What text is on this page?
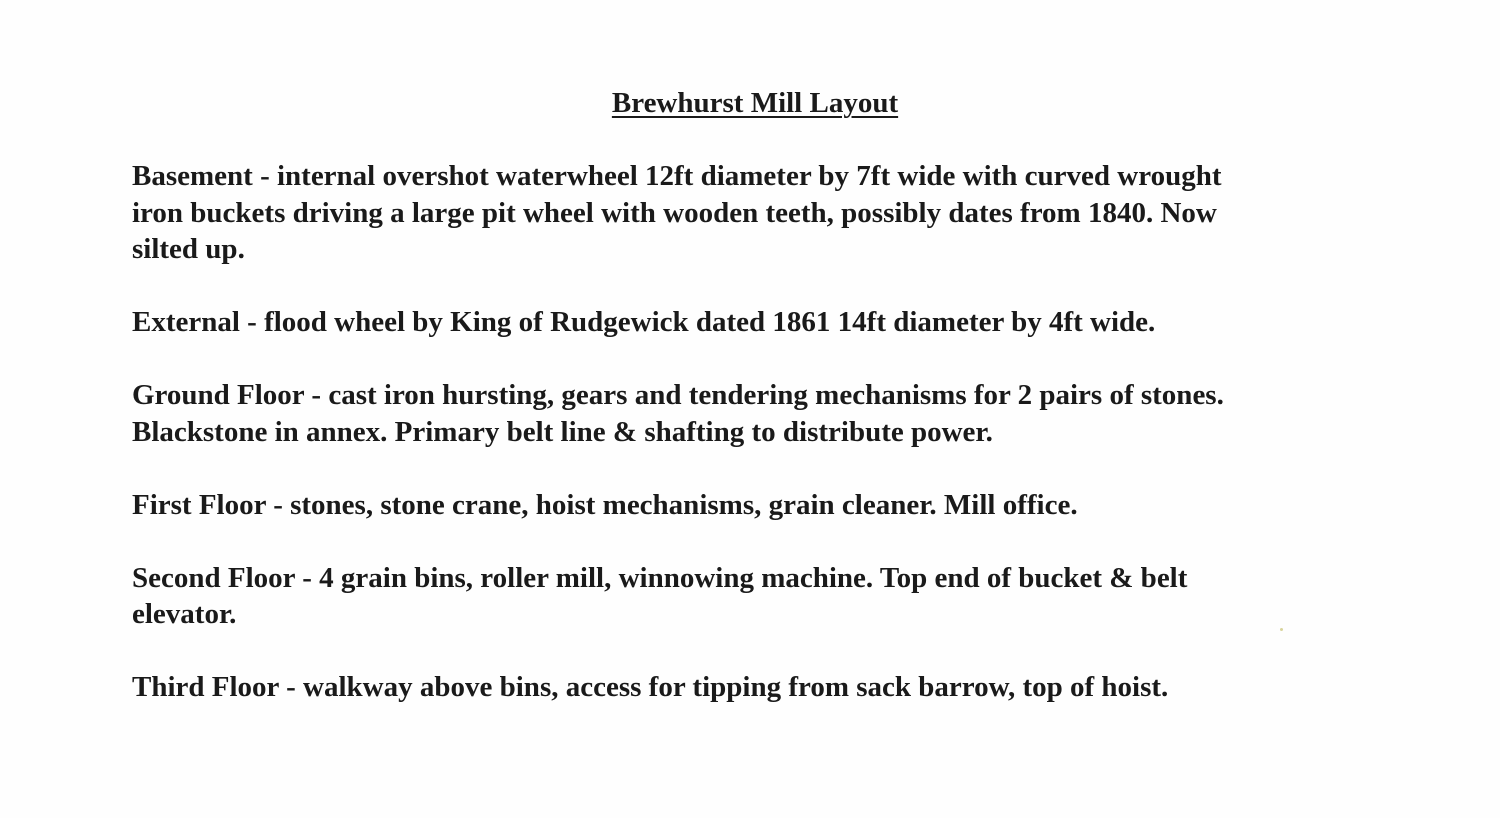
Brewhurst Mill Layout

Basement - internal overshot waterwheel 12ft diameter by 7ft wide with curved wrought
iron buckets driving a large pit wheel with wooden teeth, possibly dates from 1840. Now
silted up.

External - flood wheel by King of Rudgewick dated 1861 14ft diameter by 4ft wide.

Ground Floor - cast iron hursting, gears and tendering mechanisms for 2 pairs of stones.
Blackstone in annex. Primary belt line & shafting to distribute power.

First Floor - stones, stone crane, hoist mechanisms, grain cleaner. Mill office.

Second Floor - 4 grain bins, roller mill, winnowing machine. Top end of bucket & belt
elevator.

Third Floor - walkway above bins, access for tipping from sack barrow, top of hoist.
